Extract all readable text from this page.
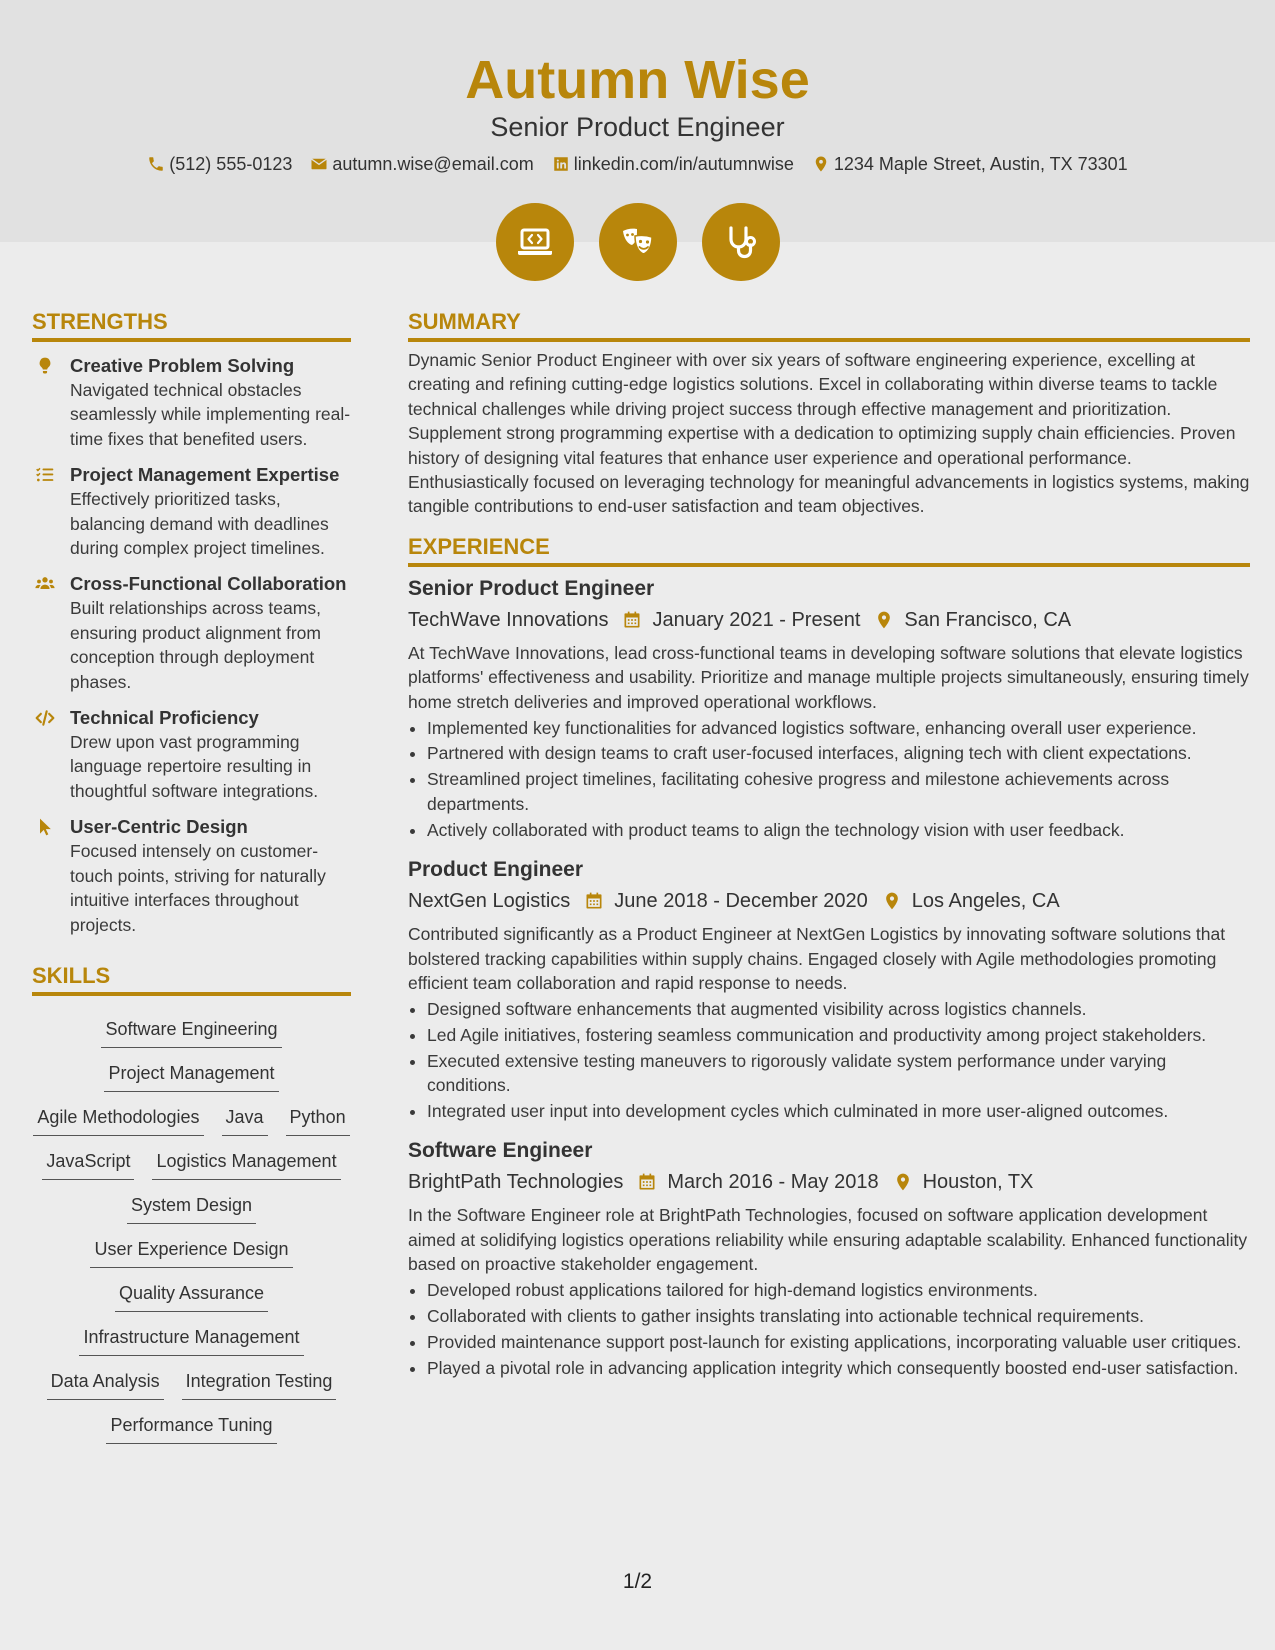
Autumn Wise
Senior Product Engineer
(512) 555-0123 autumn.wise@email.com linkedin.com/in/autumnwise 1234 Maple Street, Austin, TX 73301
STRENGTHS
Creative Problem Solving
Navigated technical obstacles seamlessly while implementing real-time fixes that benefited users.
Project Management Expertise
Effectively prioritized tasks, balancing demand with deadlines during complex project timelines.
Cross-Functional Collaboration
Built relationships across teams, ensuring product alignment from conception through deployment phases.
Technical Proficiency
Drew upon vast programming language repertoire resulting in thoughtful software integrations.
User-Centric Design
Focused intensely on customer-touch points, striving for naturally intuitive interfaces throughout projects.
SKILLS
Software Engineering
Project Management
Agile Methodologies Java Python
JavaScript Logistics Management
System Design
User Experience Design
Quality Assurance
Infrastructure Management
Data Analysis Integration Testing
Performance Tuning
SUMMARY
Dynamic Senior Product Engineer with over six years of software engineering experience, excelling at creating and refining cutting-edge logistics solutions. Excel in collaborating within diverse teams to tackle technical challenges while driving project success through effective management and prioritization. Supplement strong programming expertise with a dedication to optimizing supply chain efficiencies. Proven history of designing vital features that enhance user experience and operational performance. Enthusiastically focused on leveraging technology for meaningful advancements in logistics systems, making tangible contributions to end-user satisfaction and team objectives.
EXPERIENCE
Senior Product Engineer
TechWave Innovations January 2021 - Present San Francisco, CA
At TechWave Innovations, lead cross-functional teams in developing software solutions that elevate logistics platforms' effectiveness and usability. Prioritize and manage multiple projects simultaneously, ensuring timely home stretch deliveries and improved operational workflows.
• Implemented key functionalities for advanced logistics software, enhancing overall user experience.
• Partnered with design teams to craft user-focused interfaces, aligning tech with client expectations.
• Streamlined project timelines, facilitating cohesive progress and milestone achievements across departments.
• Actively collaborated with product teams to align the technology vision with user feedback.
Product Engineer
NextGen Logistics June 2018 - December 2020 Los Angeles, CA
Contributed significantly as a Product Engineer at NextGen Logistics by innovating software solutions that bolstered tracking capabilities within supply chains. Engaged closely with Agile methodologies promoting efficient team collaboration and rapid response to needs.
• Designed software enhancements that augmented visibility across logistics channels.
• Led Agile initiatives, fostering seamless communication and productivity among project stakeholders.
• Executed extensive testing maneuvers to rigorously validate system performance under varying conditions.
• Integrated user input into development cycles which culminated in more user-aligned outcomes.
Software Engineer
BrightPath Technologies March 2016 - May 2018 Houston, TX
In the Software Engineer role at BrightPath Technologies, focused on software application development aimed at solidifying logistics operations reliability while ensuring adaptable scalability. Enhanced functionality based on proactive stakeholder engagement.
• Developed robust applications tailored for high-demand logistics environments.
• Collaborated with clients to gather insights translating into actionable technical requirements.
• Provided maintenance support post-launch for existing applications, incorporating valuable user critiques.
• Played a pivotal role in advancing application integrity which consequently boosted end-user satisfaction.
1/2
